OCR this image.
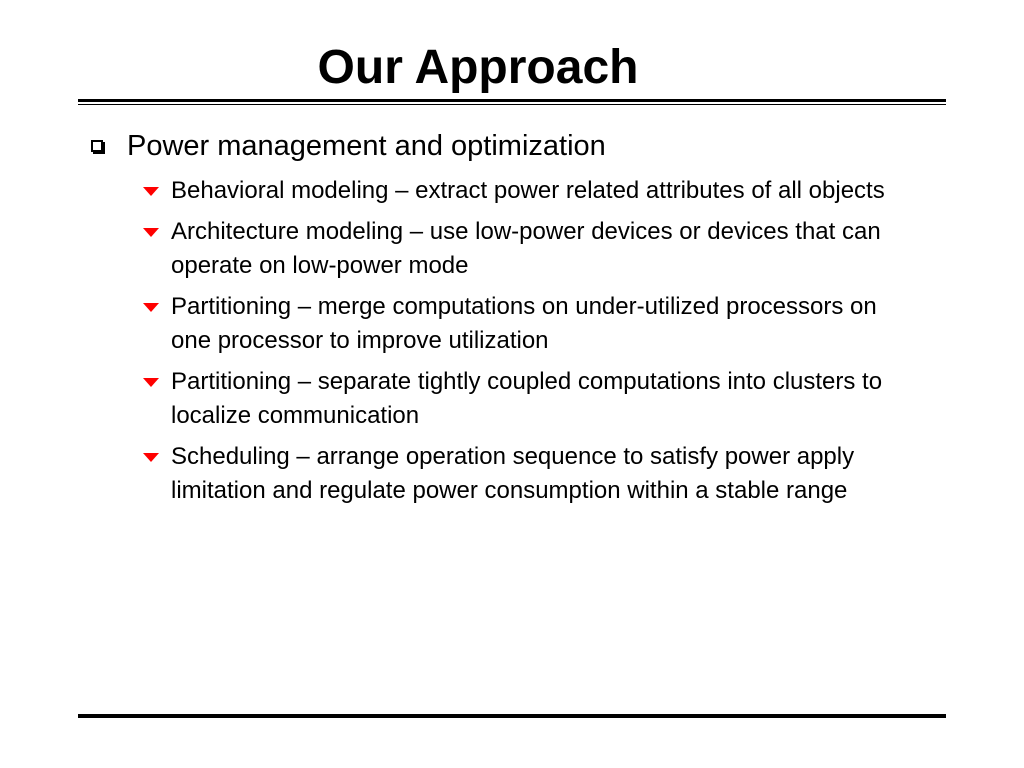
Our Approach
Power management and optimization
Behavioral modeling – extract power related attributes of all objects
Architecture modeling – use low-power devices or devices that can operate on low-power mode
Partitioning – merge computations on under-utilized processors on one processor to improve utilization
Partitioning – separate tightly coupled computations into clusters to localize communication
Scheduling – arrange operation sequence to satisfy power apply limitation and regulate power consumption within a stable range
